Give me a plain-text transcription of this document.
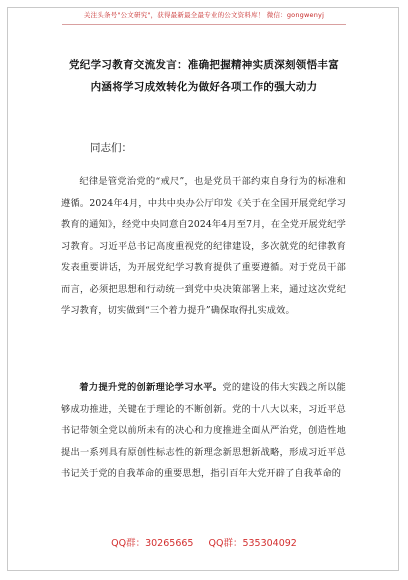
关注头条号"公文研究"，获得最新最全最专业的公文资料库！ 微信：gongwenyj
党纪学习教育交流发言：准确把握精神实质深刻领悟丰富
内涵将学习成效转化为做好各项工作的强大动力
同志们：
纪律是管党治党的“戒尺”，也是党员干部约束自身行为的标准和遵循。2024年4月，中共中央办公厅印发《关于在全国开展党纪学习教育的通知》，经党中央同意自2024年4月至7月，在全党开展党纪学习教育。习近平总书记高度重视党的纪律建设，多次就党的纪律教育发表重要讲话，为开展党纪学习教育提供了重要遵循。对于党员干部而言，必须把思想和行动统一到党中央决策部署上来，通过这次党纪学习教育，切实做到“三个着力提升”确保取得扎实成效。
着力提升党的创新理论学习水平。党的建设的伟大实践之所以能够成功推进，关键在于理论的不断创新。党的十八大以来，习近平总书记带领全党以前所未有的决心和力度推进全面从严治党，创造性地提出一系列具有原创性标志性的新理念新思想新战略，形成习近平总书记关于党的自我革命的重要思想，指引百年大党开辟了自我革命的
QQ群：30265665 QQ群：535304092
